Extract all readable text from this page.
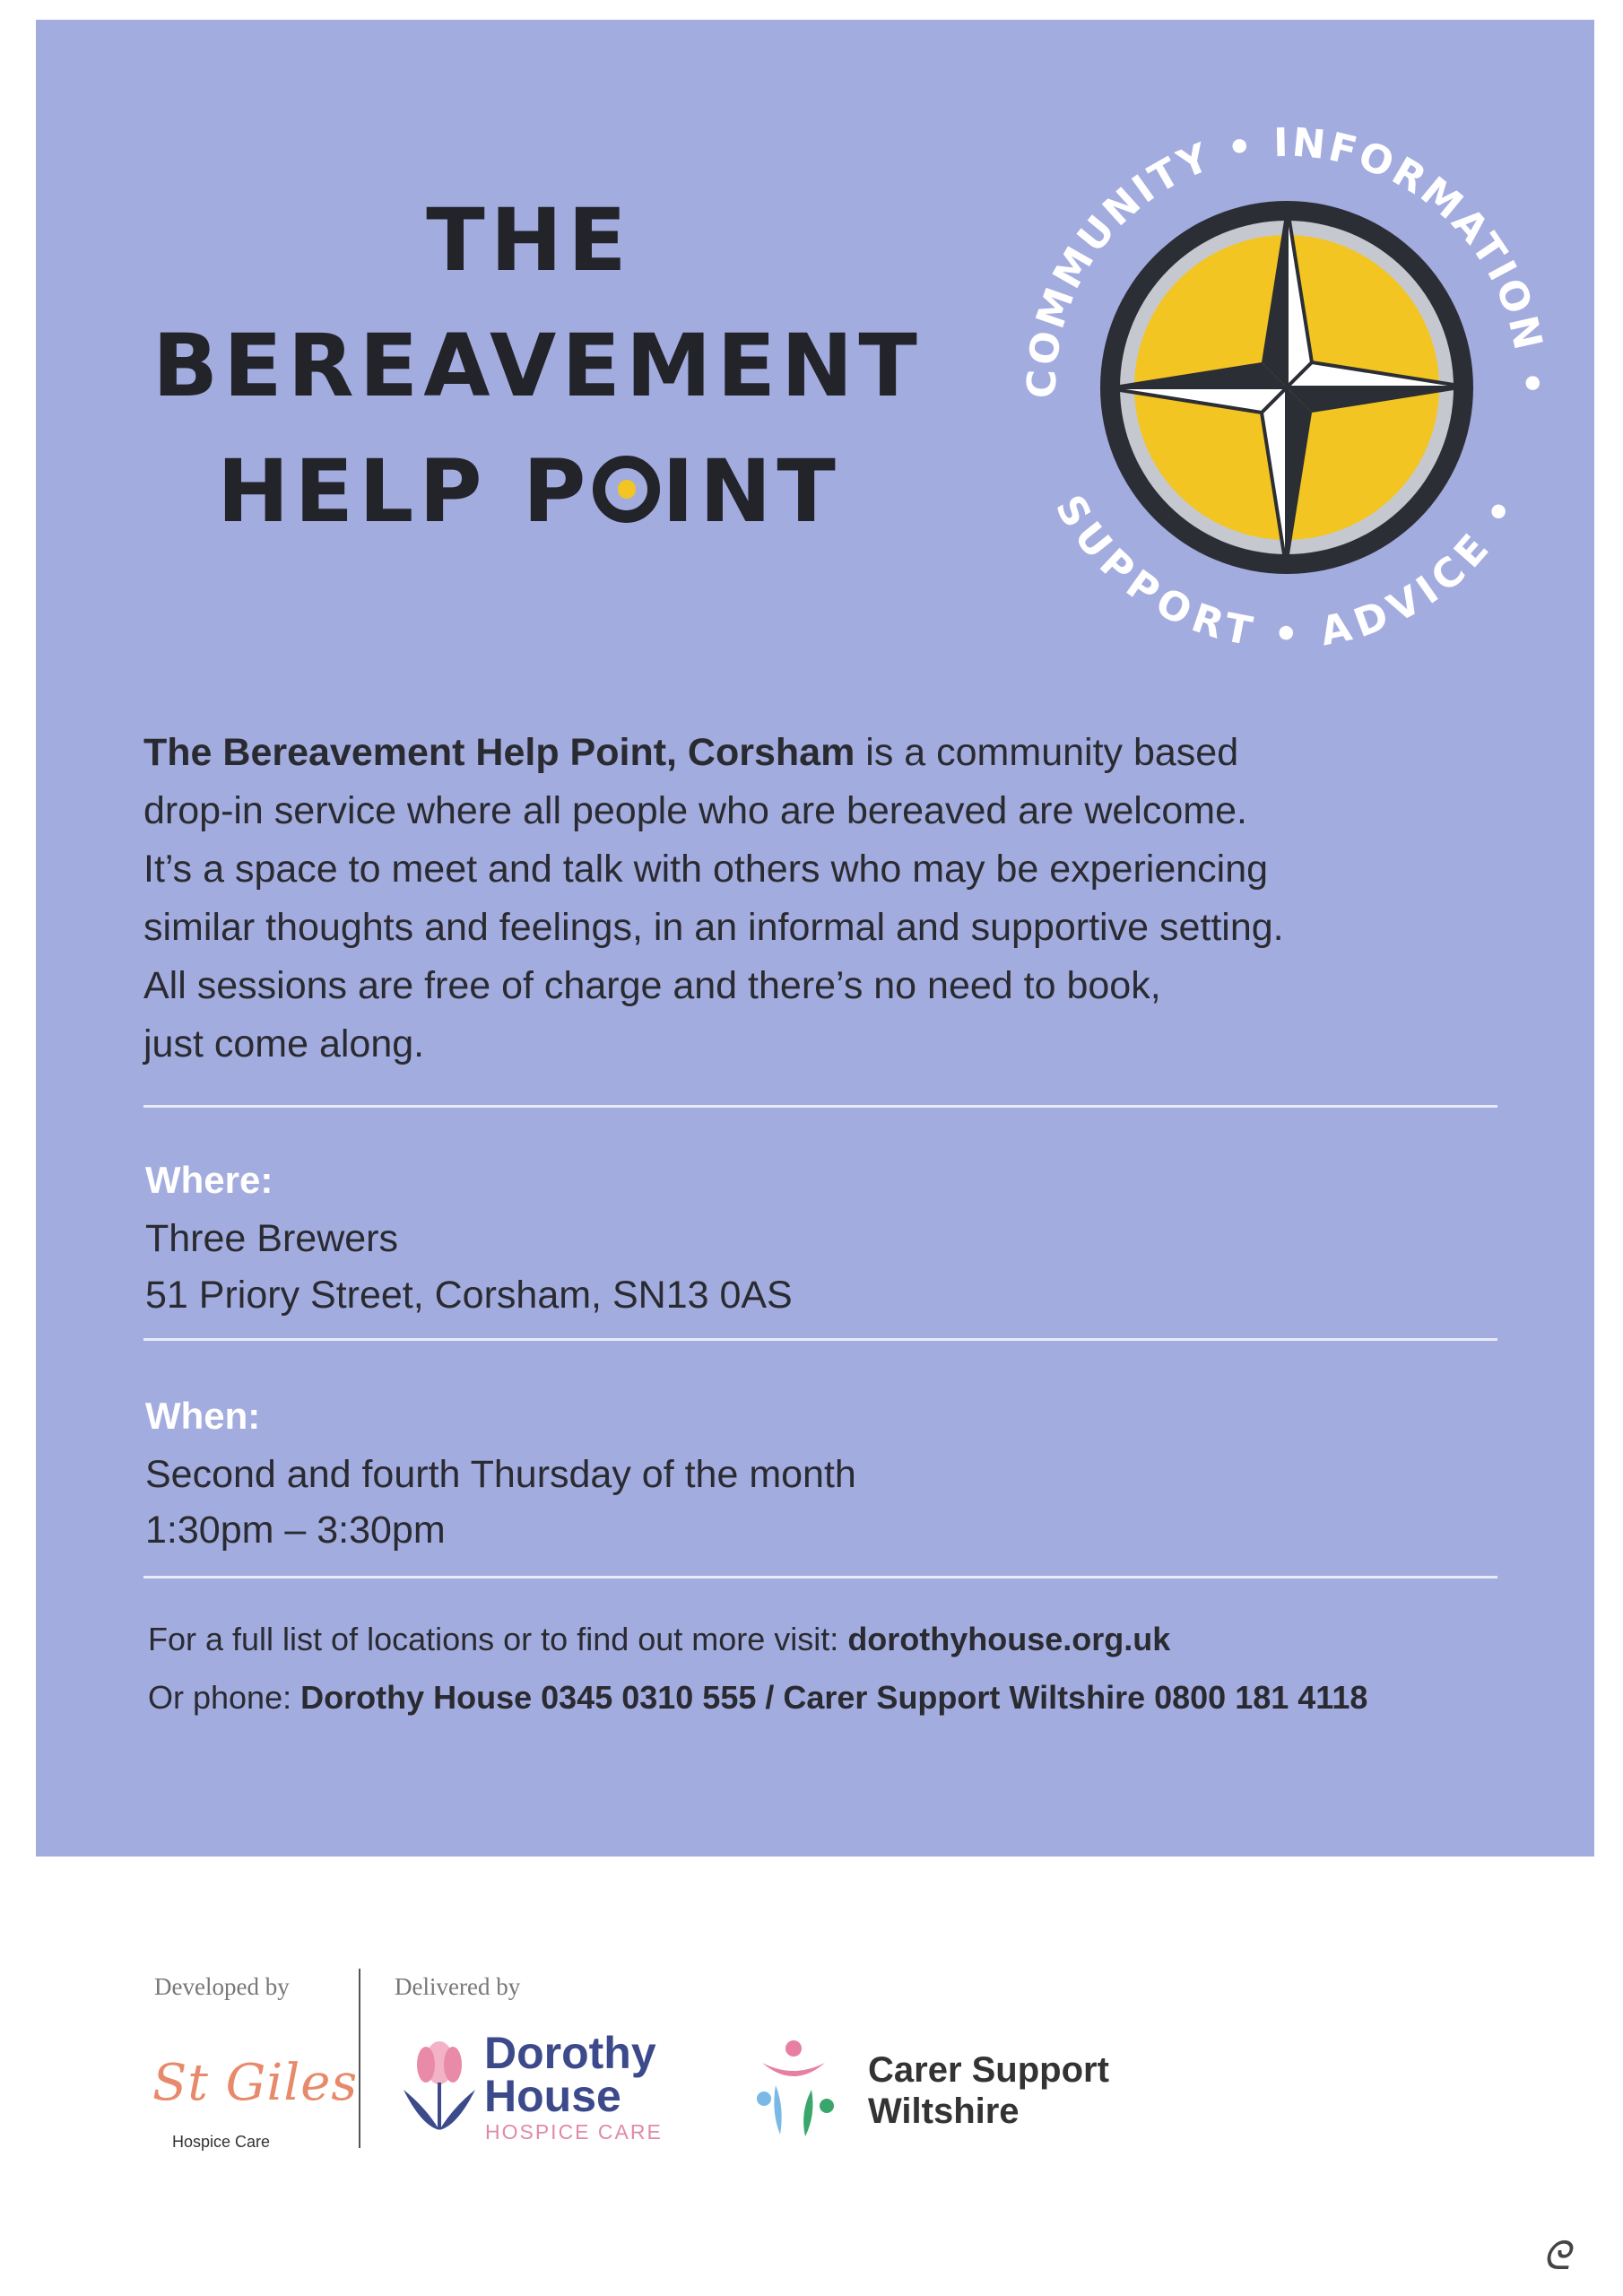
THE
BEREAVEMENT
HELP P INT
COMMUNITY • INFORMATION •
SUPPORT • ADVICE •
The Bereavement Help Point, Corsham is a community based
drop-in service where all people who are bereaved are welcome.
It’s a space to meet and talk with others who may be experiencing
similar thoughts and feelings, in an informal and supportive setting.
All sessions are free of charge and there’s no need to book,
just come along.
Where:
Three Brewers
51 Priory Street, Corsham, SN13 0AS
When:
Second and fourth Thursday of the month
1:30pm – 3:30pm
For a full list of locations or to find out more visit: dorothyhouse.org.uk
Or phone: Dorothy House 0345 0310 555 / Carer Support Wiltshire 0800 181 4118
Developed by	Delivered by
St Giles
Hospice Care
Dorothy
House
HOSPICE CARE
Carer Support
Wiltshire
ᘓ
